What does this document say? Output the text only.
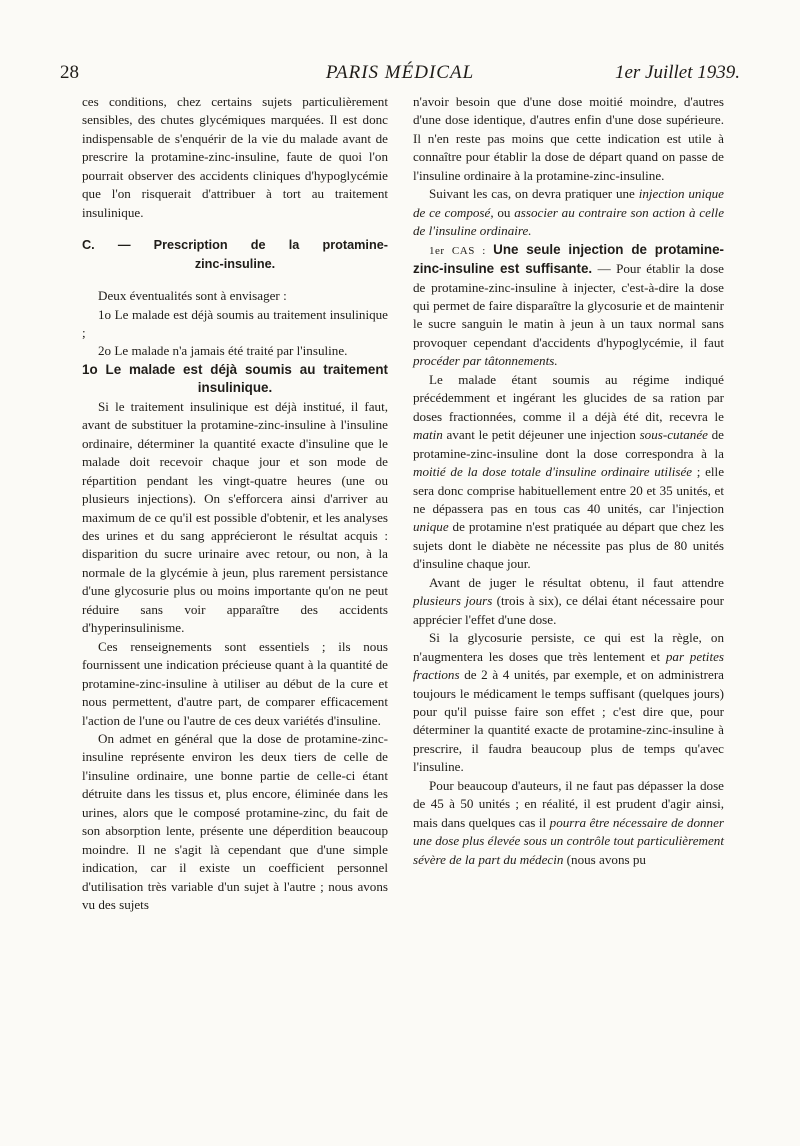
28	PARIS MÉDICAL	1er Juillet 1939.

ces conditions, chez certains sujets particulièrement sensibles, des chutes glycémiques marquées. Il est donc indispensable de s'enquérir de la vie du malade avant de prescrire la protamine-zinc-insuline, faute de quoi l'on pourrait observer des accidents cliniques d'hypoglycémie que l'on risquerait d'attribuer à tort au traitement insulinique.

C. — Prescription de la protamine-
zinc-insuline.

Deux éventualités sont à envisager :

1o Le malade est déjà soumis au traitement insulinique ;

2o Le malade n'a jamais été traité par l'insuline.

1o Le malade est déjà soumis au traitement
insulinique.

Si le traitement insulinique est déjà institué, il faut, avant de substituer la protamine-zinc-insuline à l'insuline ordinaire, déterminer la quantité exacte d'insuline que le malade doit recevoir chaque jour et son mode de répartition pendant les vingt-quatre heures (une ou plusieurs injections). On s'efforcera ainsi d'arriver au maximum de ce qu'il est possible d'obtenir, et les analyses des urines et du sang apprécieront le résultat acquis : disparition du sucre urinaire avec retour, ou non, à la normale de la glycémie à jeun, plus rarement persistance d'une glycosurie plus ou moins importante qu'on ne peut réduire sans voir apparaître des accidents d'hyperinsulinisme.

Ces renseignements sont essentiels ; ils nous fournissent une indication précieuse quant à la quantité de protamine-zinc-insuline à utiliser au début de la cure et nous permettent, d'autre part, de comparer efficacement l'action de l'une ou l'autre de ces deux variétés d'insuline.

On admet en général que la dose de protamine-zinc-insuline représente environ les deux tiers de celle de l'insuline ordinaire, une bonne partie de celle-ci étant détruite dans les tissus et, plus encore, éliminée dans les urines, alors que le composé protamine-zinc, du fait de son absorption lente, présente une déperdition beaucoup moindre. Il ne s'agit là cependant que d'une simple indication, car il existe un coefficient personnel d'utilisation très variable d'un sujet à l'autre ; nous avons vu des sujets

n'avoir besoin que d'une dose moitié moindre, d'autres d'une dose identique, d'autres enfin d'une dose supérieure. Il n'en reste pas moins que cette indication est utile à connaître pour établir la dose de départ quand on passe de l'insuline ordinaire à la protamine-zinc-insuline.

Suivant les cas, on devra pratiquer une injection unique de ce composé, ou associer au contraire son action à celle de l'insuline ordinaire.

1er CAS : Une seule injection de protamine-zinc-insuline est suffisante. — Pour établir la dose de protamine-zinc-insuline à injecter, c'est-à-dire la dose qui permet de faire disparaître la glycosurie et de maintenir le sucre sanguin le matin à jeun à un taux normal sans provoquer cependant d'accidents d'hypoglycémie, il faut procéder par tâtonnements.

Le malade étant soumis au régime indiqué précédemment et ingérant les glucides de sa ration par doses fractionnées, comme il a déjà été dit, recevra le matin avant le petit déjeuner une injection sous-cutanée de protamine-zinc-insuline dont la dose correspondra à la moitié de la dose totale d'insuline ordinaire utilisée ; elle sera donc comprise habituellement entre 20 et 35 unités, et ne dépassera pas en tous cas 40 unités, car l'injection unique de protamine n'est pratiquée au départ que chez les sujets dont le diabète ne nécessite pas plus de 80 unités d'insuline chaque jour.

Avant de juger le résultat obtenu, il faut attendre plusieurs jours (trois à six), ce délai étant nécessaire pour apprécier l'effet d'une dose.

Si la glycosurie persiste, ce qui est la règle, on n'augmentera les doses que très lentement et par petites fractions de 2 à 4 unités, par exemple, et on administrera toujours le médicament le temps suffisant (quelques jours) pour qu'il puisse faire son effet ; c'est dire que, pour déterminer la quantité exacte de protamine-zinc-insuline à prescrire, il faudra beaucoup plus de temps qu'avec l'insuline.

Pour beaucoup d'auteurs, il ne faut pas dépasser la dose de 45 à 50 unités ; en réalité, il est prudent d'agir ainsi, mais dans quelques cas il pourra être nécessaire de donner une dose plus élevée sous un contrôle tout particulièrement sévère de la part du médecin (nous avons pu
